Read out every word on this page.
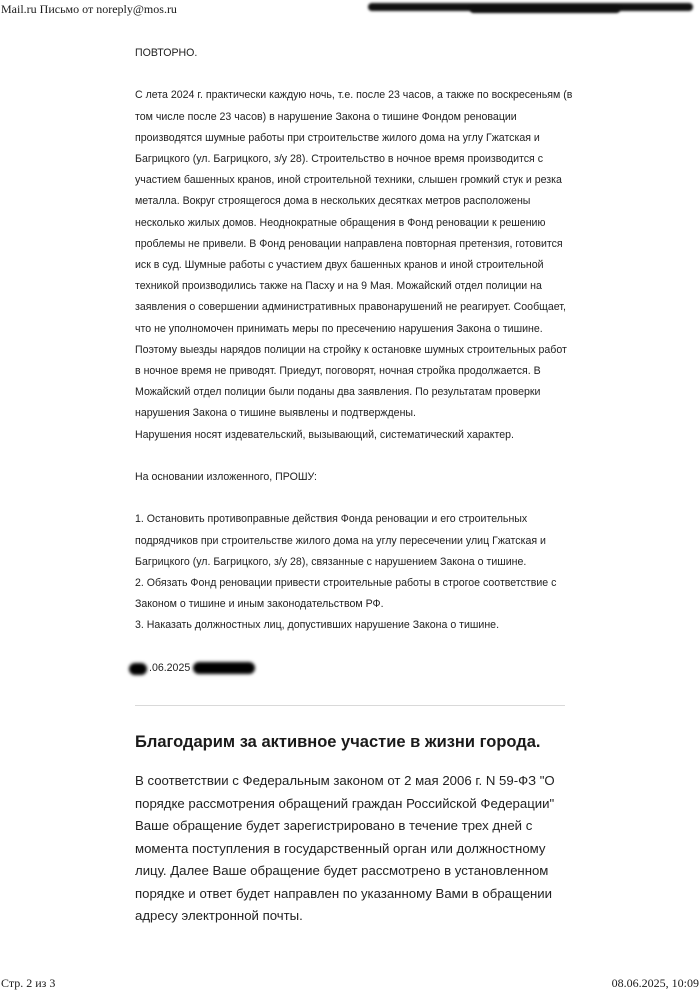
Mail.ru Письмо от noreply@mos.ru

ПОВТОРНО.

С лета 2024 г. практически каждую ночь, т.е. после 23 часов, а также по воскресеньям (в том числе после 23 часов) в нарушение Закона о тишине Фондом реновации производятся шумные работы при строительстве жилого дома на углу Гжатская и Багрицкого (ул. Багрицкого, з/у 28). Строительство в ночное время производится с участием башенных кранов, иной строительной техники, слышен громкий стук и резка металла. Вокруг строящегося дома в нескольких десятках метров расположены несколько жилых домов. Неоднократные обращения в Фонд реновации к решению проблемы не привели. В Фонд реновации направлена повторная претензия, готовится иск в суд. Шумные работы с участием двух башенных кранов и иной строительной техникой производились также на Пасху и на 9 Мая. Можайский отдел полиции на заявления о совершении административных правонарушений не реагирует. Сообщает, что не уполномочен принимать меры по пресечению нарушения Закона о тишине. Поэтому выезды нарядов полиции на стройку к остановке шумных строительных работ в ночное время не приводят. Приедут, поговорят, ночная стройка продолжается. В Можайский отдел полиции были поданы два заявления. По результатам проверки нарушения Закона о тишине выявлены и подтверждены.

Нарушения носят издевательский, вызывающий, систематический характер.

На основании изложенного, ПРОШУ:

1. Остановить противоправные действия Фонда реновации и его строительных подрядчиков при строительстве жилого дома на углу пересечении улиц Гжатская и Багрицкого (ул. Багрицкого, з/у 28), связанные с нарушением Закона о тишине.

2. Обязать Фонд реновации привести строительные работы в строгое соответствие с Законом о тишине и иным законодательством РФ.

3. Наказать должностных лиц, допустивших нарушение Закона о тишине.

.06.2025
Благодарим за активное участие в жизни города.

В соответствии с Федеральным законом от 2 мая 2006 г. N 59-ФЗ "О порядке рассмотрения обращений граждан Российской Федерации" Ваше обращение будет зарегистрировано в течение трех дней с момента поступления в государственный орган или должностному лицу. Далее Ваше обращение будет рассмотрено в установленном порядке и ответ будет направлен по указанному Вами в обращении адресу электронной почты.

Стр. 2 из 3	08.06.2025, 10:09
